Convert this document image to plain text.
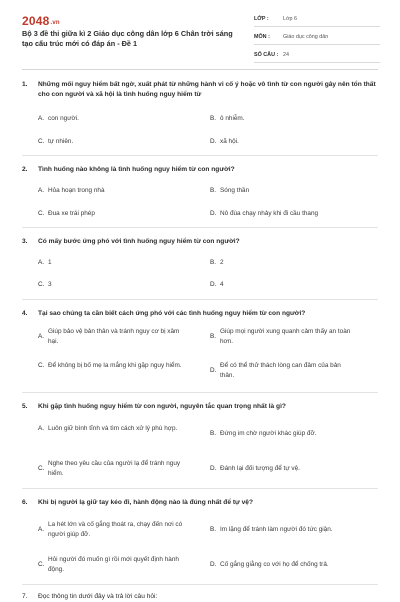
2048.vn
Bộ 3 đề thi giữa kì 2 Giáo dục công dân lớp 6 Chân trời sáng tạo cấu trúc mới có đáp án - Đề 1
LỚP :	Lớp 6
MÔN :	Giáo dục công dân
SỐ CÂU : 24
1.	Những mối nguy hiểm bất ngờ, xuất phát từ những hành vi cố ý hoặc vô tình từ con người gây nên tổn thất cho con người và xã hội là tình huống nguy hiểm từ
A. con người.	B. ô nhiễm.
C. tự nhiên.	D. xã hội.
2.	Tình huống nào không là tình huống nguy hiểm từ con người?
A. Hỏa hoạn trong nhà	B. Sóng thần
C. Đua xe trái phép	D. Nô đùa chạy nhảy khi đi cầu thang
3.	Có mấy bước ứng phó với tình huống nguy hiểm từ con người?
A. 1	B. 2
C. 3	D. 4
4.	Tại sao chúng ta cần biết cách ứng phó với các tình huống nguy hiểm từ con người?
A.
Giúp bảo vệ bản thân và tránh nguy cơ bị xâm hại.
B.
Giúp mọi người xung quanh cảm thấy an toàn hơn.
C. Để không bị bố mẹ la mắng khi gặp nguy hiểm.
D.
Để có thể thử thách lòng can đảm của bản thân.
5.	Khi gặp tình huống nguy hiểm từ con người, nguyên tắc quan trọng nhất là gì?
A. Luôn giữ bình tĩnh và tìm cách xử lý phù hợp.
B. Đứng im chờ người khác giúp đỡ.
C.
Nghe theo yêu cầu của người lạ để tránh nguy hiểm.
D. Đánh lại đối tượng để tự vệ.
6.	Khi bị người lạ giữ tay kéo đi, hành động nào là đúng nhất để tự vệ?
A.
La hét lớn và cố gắng thoát ra, chạy đến nơi có người giúp đỡ.
B. Im lặng để tránh làm người đó tức giận.
C.
Hỏi người đó muốn gì rồi mới quyết định hành động.
D. Cố gắng giằng co với họ để chống trả.
7.	Đọc thông tin dưới đây và trả lời câu hỏi:
